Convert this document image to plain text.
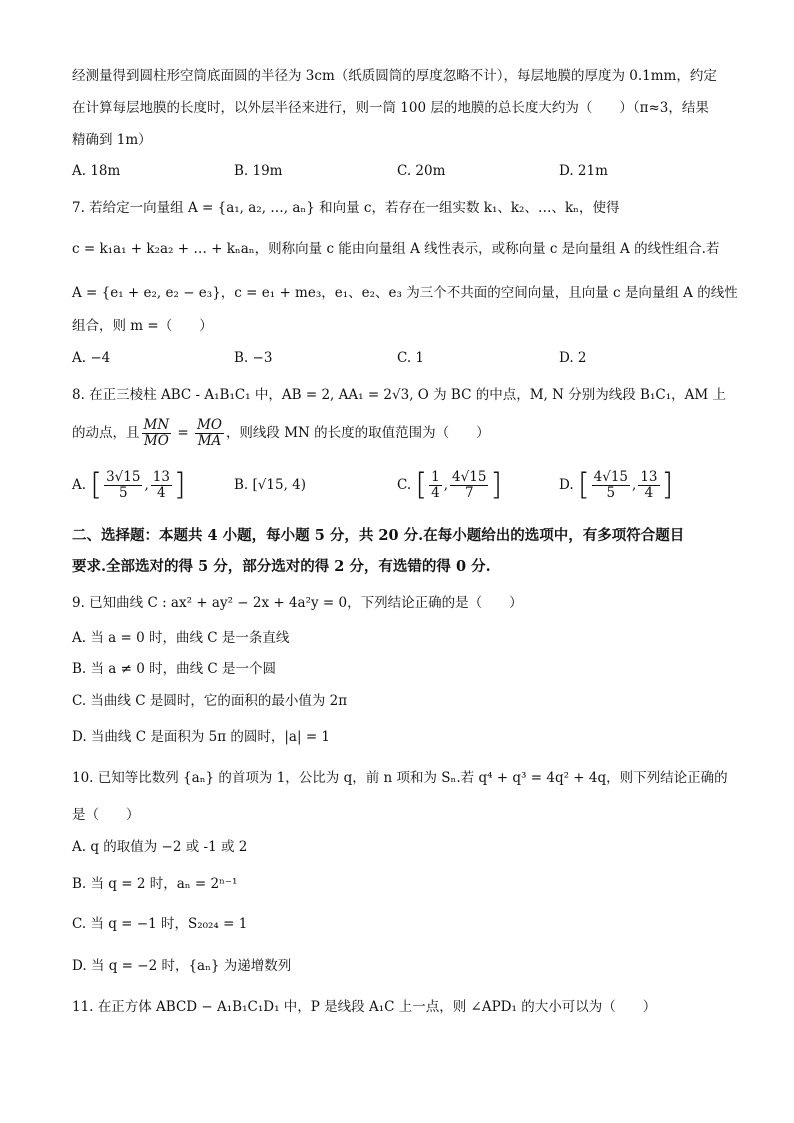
经测量得到圆柱形空筒底面圆的半径为 3cm（纸质圆筒的厚度忽略不计），每层地膜的厚度为 0.1mm，约定
在计算每层地膜的长度时，以外层半径来进行，则一筒 100 层的地膜的总长度大约为（　　）（π≈3，结果
精确到 1m）
A. 18m	B. 19m	C. 20m	D. 21m
7. 若给定一向量组 A = {a₁, a₂, …, aₙ} 和向量 c，若存在一组实数 k₁、k₂、…、kₙ，使得
c = k₁a₁ + k₂a₂ + … + kₙaₙ，则称向量 c 能由向量组 A 线性表示，或称向量 c 是向量组 A 的线性组合.若
A = {e₁ + e₂, e₂ − e₃}，c = e₁ + me₃，e₁、e₂、e₃ 为三个不共面的空间向量，且向量 c 是向量组 A 的线性
组合，则 m =（　　）
A. −4	B. −3	C. 1	D. 2
8. 在正三棱柱 ABC - A₁B₁C₁ 中，AB = 2, AA₁ = 2√3, O 为 BC 的中点，M, N 分别为线段 B₁C₁，AM 上
的动点，且 $\frac{MN}{MO} = \frac{MO}{MA}$ ，则线段 MN 的长度的取值范围为（　　）
A. [ $\frac{3√15}{5}$ , $\frac{13}{4}$ ]	B. [√15, 4)	C. [ $\frac{1}{4}$ , $\frac{4√15}{7}$ ]	D. [ $\frac{4√15}{5}$ , $\frac{13}{4}$ ]
二、选择题：本题共 4 小题，每小题 5 分，共 20 分.在每小题给出的选项中，有多项符合题目
要求.全部选对的得 5 分，部分选对的得 2 分，有选错的得 0 分.
9. 已知曲线 C : ax² + ay² − 2x + 4a²y = 0，下列结论正确的是（　　）
A. 当 a = 0 时，曲线 C 是一条直线
B. 当 a ≠ 0 时，曲线 C 是一个圆
C. 当曲线 C 是圆时，它的面积的最小值为 2π
D. 当曲线 C 是面积为 5π 的圆时，|a| = 1
10. 已知等比数列 {aₙ} 的首项为 1，公比为 q，前 n 项和为 Sₙ.若 q⁴ + q³ = 4q² + 4q，则下列结论正确的
是（　　）
A. q 的取值为 −2 或 -1 或 2
B. 当 q = 2 时，aₙ = 2ⁿ⁻¹
C. 当 q = −1 时，S₂₀₂₄ = 1
D. 当 q = −2 时，{aₙ} 为递增数列
11. 在正方体 ABCD − A₁B₁C₁D₁ 中，P 是线段 A₁C 上一点，则 ∠APD₁ 的大小可以为（　　）
